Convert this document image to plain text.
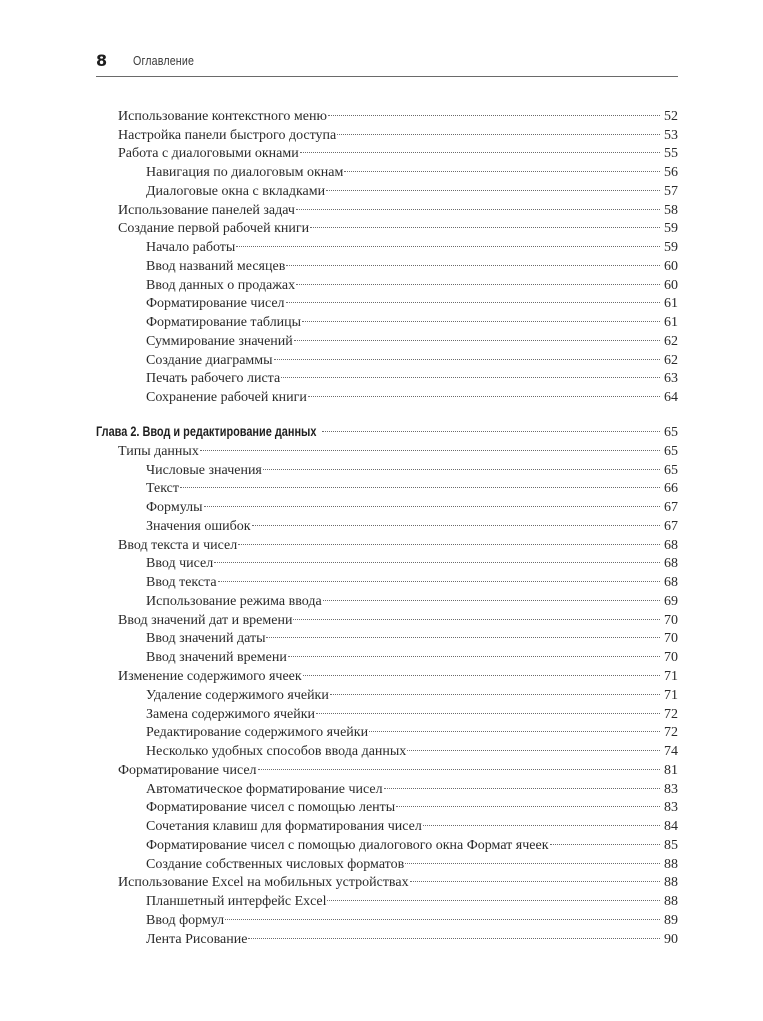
8 Оглавление
Использование контекстного меню	52
Настройка панели быстрого доступа	53
Работа с диалоговыми окнами	55
Навигация по диалоговым окнам	56
Диалоговые окна с вкладками	57
Использование панелей задач	58
Создание первой рабочей книги	59
Начало работы	59
Ввод названий месяцев	60
Ввод данных о продажах	60
Форматирование чисел	61
Форматирование таблицы	61
Суммирование значений	62
Создание диаграммы	62
Печать рабочего листа	63
Сохранение рабочей книги	64
Глава 2. Ввод и редактирование данных	65
Типы данных	65
Числовые значения	65
Текст	66
Формулы	67
Значения ошибок	67
Ввод текста и чисел	68
Ввод чисел	68
Ввод текста	68
Использование режима ввода	69
Ввод значений дат и времени	70
Ввод значений даты	70
Ввод значений времени	70
Изменение содержимого ячеек	71
Удаление содержимого ячейки	71
Замена содержимого ячейки	72
Редактирование содержимого ячейки	72
Несколько удобных способов ввода данных	74
Форматирование чисел	81
Автоматическое форматирование чисел	83
Форматирование чисел с помощью ленты	83
Сочетания клавиш для форматирования чисел	84
Форматирование чисел с помощью диалогового окна Формат ячеек	85
Создание собственных числовых форматов	88
Использование Excel на мобильных устройствах	88
Планшетный интерфейс Excel	88
Ввод формул	89
Лента Рисование	90
